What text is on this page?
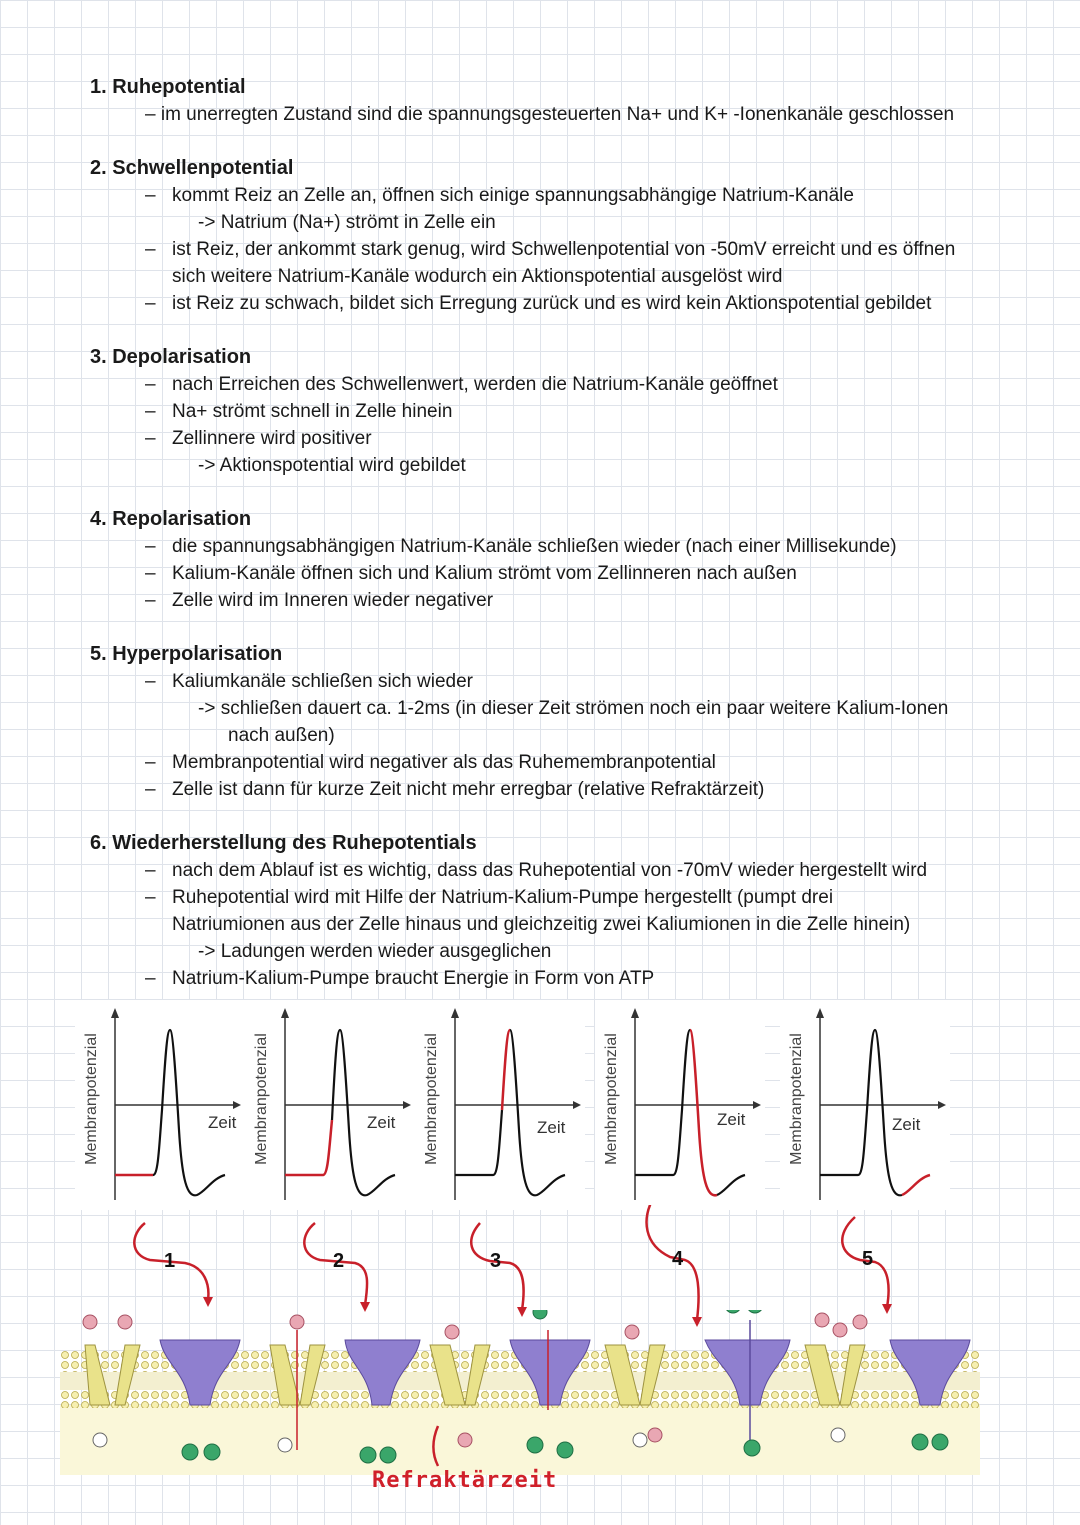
1. Ruhepotential
– im unerregten Zustand sind die spannungsgesteuerten Na+ und K+ -Ionenkanäle geschlossen
2. Schwellenpotential
– kommt Reiz an Zelle an, öffnen sich einige spannungsabhängige Natrium-Kanäle
-> Natrium (Na+) strömt in Zelle ein
– ist Reiz, der ankommt stark genug, wird Schwellenpotential von -50mV erreicht und es öffnen
sich weitere Natrium-Kanäle wodurch ein Aktionspotential ausgelöst wird
– ist Reiz zu schwach, bildet sich Erregung zurück und es wird kein Aktionspotential gebildet
3. Depolarisation
– nach Erreichen des Schwellenwert, werden die Natrium-Kanäle geöffnet
– Na+ strömt schnell in Zelle hinein
– Zellinnere wird positiver
-> Aktionspotential wird gebildet
4. Repolarisation
– die spannungsabhängigen Natrium-Kanäle schließen wieder (nach einer Millisekunde)
– Kalium-Kanäle öffnen sich und Kalium strömt vom Zellinneren nach außen
– Zelle wird im Inneren wieder negativer
5. Hyperpolarisation
– Kaliumkanäle schließen sich wieder
-> schließen dauert ca. 1-2ms (in dieser Zeit strömen noch ein paar weitere Kalium-Ionen
nach außen)
– Membranpotential wird negativer als das Ruhemembranpotential
– Zelle ist dann für kurze Zeit nicht mehr erregbar (relative Refraktärzeit)
6. Wiederherstellung des Ruhepotentials
– nach dem Ablauf ist es wichtig, dass das Ruhepotential von -70mV wieder hergestellt wird
– Ruhepotential wird mit Hilfe der Natrium-Kalium-Pumpe hergestellt (pumpt drei
Natriumionen aus der Zelle hinaus und gleichzeitig zwei Kaliumionen in die Zelle hinein)
-> Ladungen werden wieder ausgeglichen
– Natrium-Kalium-Pumpe braucht Energie in Form von ATP
Membranpotenzial	Zeit Membranpotenzial	Zeit Membranpotenzial	Zeit Membranpotenzial	Zeit	Membranpotenzial	Zeit
1	2	3	4	5
Refraktärzeit
